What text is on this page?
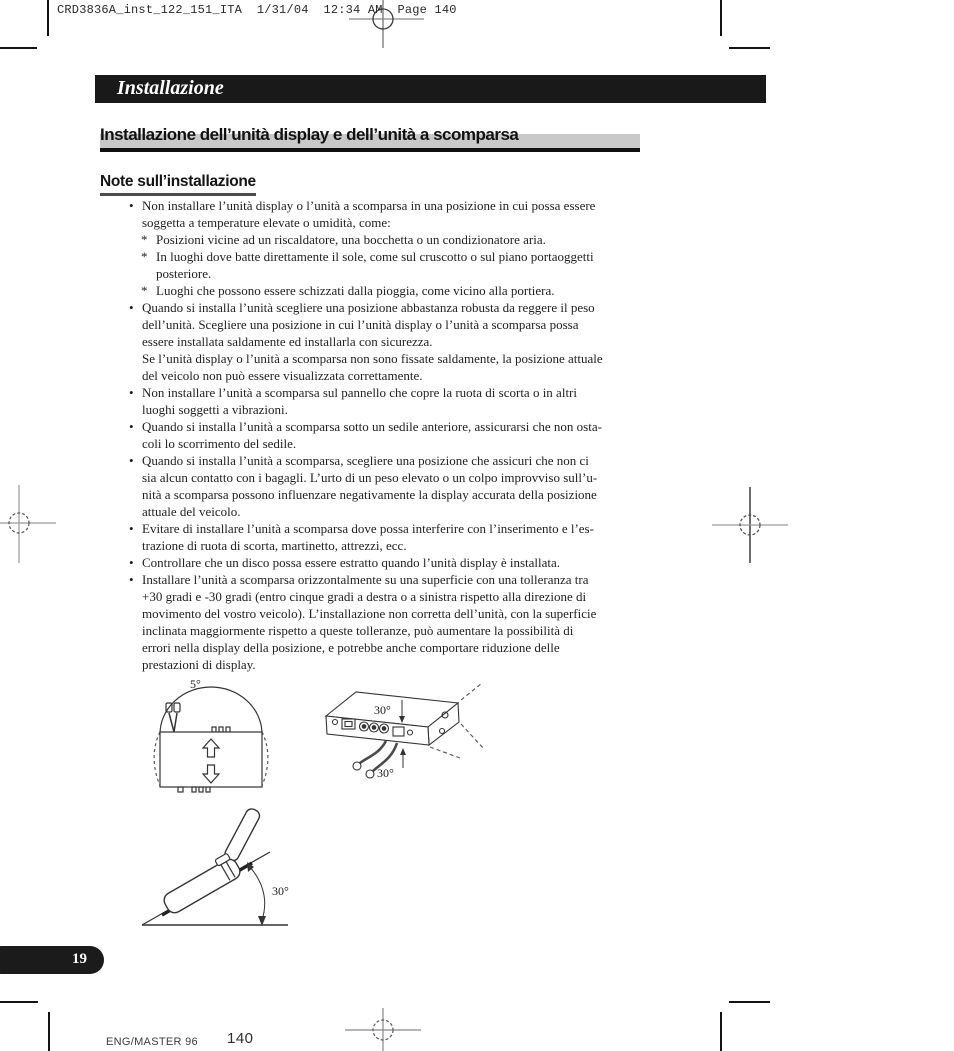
CRD3836A_inst_122_151_ITA  1/31/04  12:34 AM  Page 140
Installazione
Installazione dell’unità display e dell’unità a scomparsa
Note sull’installazione
• Non installare l’unità display o l’unità a scomparsa in una posizione in cui possa essere
soggetta a temperature elevate o umidità, come:
* Posizioni vicine ad un riscaldatore, una bocchetta o un condizionatore aria.
* In luoghi dove batte direttamente il sole, come sul cruscotto o sul piano portaoggetti
posteriore.
* Luoghi che possono essere schizzati dalla pioggia, come vicino alla portiera.
• Quando si installa l’unità scegliere una posizione abbastanza robusta da reggere il peso
dell’unità. Scegliere una posizione in cui l’unità display o l’unità a scomparsa possa
essere installata saldamente ed installarla con sicurezza.
Se l’unità display o l’unità a scomparsa non sono fissate saldamente, la posizione attuale
del veicolo non può essere visualizzata correttamente.
• Non installare l’unità a scomparsa sul pannello che copre la ruota di scorta o in altri
luoghi soggetti a vibrazioni.
• Quando si installa l’unità a scomparsa sotto un sedile anteriore, assicurarsi che non osta-
coli lo scorrimento del sedile.
• Quando si installa l’unità a scomparsa, scegliere una posizione che assicuri che non ci
sia alcun contatto con i bagagli. L’urto di un peso elevato o un colpo improvviso sull’u-
nità a scomparsa possono influenzare negativamente la display accurata della posizione
attuale del veicolo.
• Evitare di installare l’unità a scomparsa dove possa interferire con l’inserimento e l’es-
trazione di ruota di scorta, martinetto, attrezzi, ecc.
• Controllare che un disco possa essere estratto quando l’unità display è installata.
• Installare l’unità a scomparsa orizzontalmente su una superficie con una tolleranza tra
+30 gradi e -30 gradi (entro cinque gradi a destra o a sinistra rispetto alla direzione di
movimento del vostro veicolo). L’installazione non corretta dell’unità, con la superficie
inclinata maggiormente rispetto a queste tolleranze, può aumentare la possibilità di
errori nella display della posizione, e potrebbe anche comportare riduzione delle
prestazioni di display.
5°
30°
30°
30°
19
ENG/MASTER 96 140
